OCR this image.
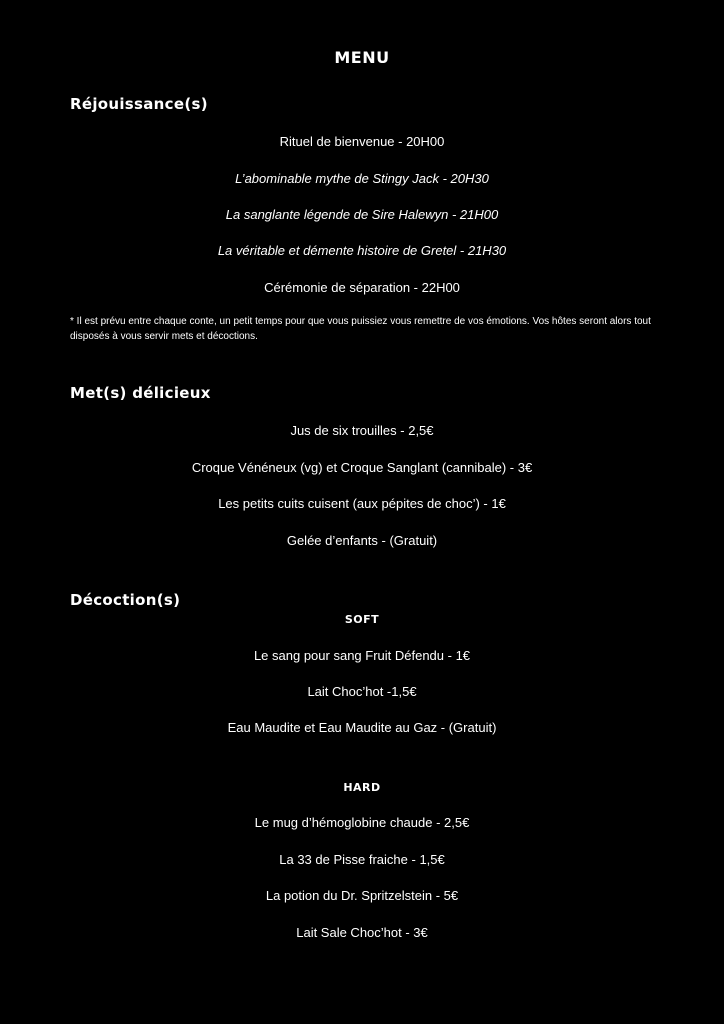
MENU
Réjouissance(s)
Rituel de bienvenue - 20H00
L’abominable mythe de Stingy Jack - 20H30
La sanglante légende de Sire Halewyn - 21H00
La véritable et démente histoire de Gretel - 21H30
Cérémonie de séparation - 22H00
* Il est prévu entre chaque conte, un petit temps pour que vous puissiez vous remettre de vos émotions. Vos hôtes seront alors tout disposés à vous servir mets et décoctions.
Met(s) délicieux
Jus de six trouilles - 2,5€
Croque Vénéneux (vg) et Croque Sanglant (cannibale) - 3€
Les petits cuits cuisent (aux pépites de choc’) - 1€
Gelée d’enfants - (Gratuit)
Décoction(s)
SOFT
Le sang pour sang Fruit Défendu - 1€
Lait Choc’hot -1,5€
Eau Maudite et Eau Maudite au Gaz - (Gratuit)
HARD
Le mug d’hémoglobine chaude - 2,5€
La 33 de Pisse fraiche - 1,5€
La potion du Dr. Spritzelstein - 5€
Lait Sale Choc’hot - 3€
